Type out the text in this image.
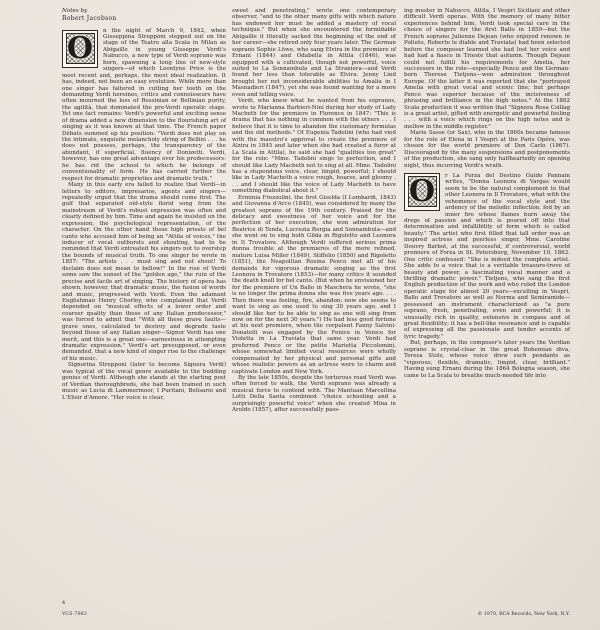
Notes by
Robert Jacobson
O	n the night of March 9, 1842, when Giuseppina Strepponi stepped out on the stage of the Teatro alla Scala in Milan as Abigaille in young Giuseppe Verdi's Nabucco, a new type of Verdi soprano was born, spawning a long line of new-style singers—of which Leontyne Price is the most recent and, perhaps, the most ideal realization. It has, indeed, not been an easy evolution. While more than one singer has faltered in cutting her teeth on the demanding Verdi heroines, critics and connoisseurs have often mourned the loss of Rossinian or Bellinian purity, the agilità, that dominated the pre-Verdi operatic stage. Yet one fact remains: Verdi's powerful and exciting sense of drama added a new dimension to the flourishing art of singing as it was known at that time. The French paper Débats summed up his position: "Verdi does not play on the intimate, exquisite melancholy string of Bellini . . . he does not possess, perhaps, the transparency of the abundant, if superficial, fluency of Donizetti. Verdi, however, has one great advantage over his predecessors: he has rid the school to which he belongs of conventionality of form. He has carried further the respect for dramatic proprieties and dramatic truth."

Many in this early era failed to realize that Verdi—in letters to editors, impresarios, agents and singers—repeatedly urged that the drama should come first. The gulf that separated old-style florid song from the mainstream of Verdi's robust expression was often and clearly defined by him. Time and again he insisted on the expression, the psychological representation, of the character. On the other hand those high priests of bel canto who accused him of being an "Attila of voices," the inducer of vocal outbursts and shouting, had to be reminded that Verdi entreated his singers not to overstep the bounds of musical truth. To one singer he wrote in 1857: "The artists . . . must sing and not shout! To declaim does not mean to bellow!" In the rise of Verdi some saw the sunset of the "golden age," the ruin of the precise and facile art of singing. The history of opera has shown, however, that dramatic music, the fusion of words and music, progressed with Verdi. Even the adamant Englishman Henry Chorley, who complained that Verdi depended on "musical effects of a lower order and coarser quality than those of any Italian predecessor," was forced to admit that "With all these grave faults—grave ones, calculated to destroy and degrade taste beyond those of any Italian singer—Signor Verdi has one merit, and this is a great one—earnestness in attempting dramatic expression." Verdi's art presupposed, or even demanded, that a new kind of singer rise to the challenge of his music.

Signorina Strepponi (later to become Signora Verdi) was typical of the vocal genre available to the budding genius of Verdi. Although she stands at the starting post of Verdian thoroughbreds, she had been trained in such music as Lucia di Lammermoor, I Puritani, Belisario and L'Elisir d'Amore. "Her voice is clear,

sweet and penetrating," wrote one contemporary observer, "and to the other many gifts with which nature has endowed her must be added a mastery of vocal technique." But when she encountered the formidable Abigaille it literally sacked the beginning of the end of her career—she retired only four years later. The German soprano Sophie Löwe, who sang Elvira in the premiere of Ernani (1844) and Odabella in Attila (1846), was equipped with a cultivated, though not powerful, voice suited to La Sonnambula and La Straniera—and Verdi found her less than tolerable as Elvira. Jenny Lind brought her not inconsiderable abilities to Amalia in I Masnadieri (1847), yet she was found wanting for a more even and telling voice.

Verdi, who knew what he wanted from his sopranos, wrote to Marianna Barbieri-Nini during her study of Lady Macbeth for the premiere in Florence in 1847: "This is drama that has nothing in common with the others . . . I believe that it is time to abandon the customary formulas and the old methods." Of Eugenia Tadolini (who had vied with the maestro's approval to create the premiere of Alzira in 1845 and later when she had created a furor at La Scala in Attila), he said she had "qualities too great" for the role: "Mme. Tadolini sings to perfection, and I should like Lady Macbeth not to sing at all. Mme. Tadolini has a stupendous voice, clear, limpid, powerful; I should like in Lady Macbeth a voice rough, hoarse, and gloomy . . . and I should like the voice of Lady Macbeth to have something diabolical about it."

Erminia Frezzolini, the first Giselda (I Lombardi, 1843) and Giovanna d'Arco (1845), was considered by many the greatest soprano of the 19th century. Praised for the delicacy and sweetness of her voice and for the perfection of her execution, she won admiration for Beatrice di Tenda, Lucrezia Borgia and Sonnambula—and she went on to sing both Gilda in Rigoletto and Leonora in Il Trovatore. Although Verdi suffered serious prima donna trouble at the premieres of the more refined, mature Luisa Miller (1849), Stiffelio (1850) and Rigoletto (1851), the Neapolitan Rosina Penco met all of his demands for vigorous dramatic singing as the first Leonora in Trovatore (1853)—for many critics it sounded the death knell for bel canto. (But when he envisioned her for the premiere of Un Ballo in Maschera he wrote, "she is no longer the prima donna she was five years ago. . . . Then there was feeling, fire, abandon; now she seems to want to sing as one used to sing 30 years ago, and I should like her to be able to sing as one will sing from now on for the next 30 years.") He had less good fortune at his next premiere, when the corpulent Fanny Salvini-Donatelli was engaged by the Fenice in Venice for Violetta in La Traviata that same year. Verdi had preferred Penco or the petite Marietta Piccolomini, whose somewhat limited vocal resources were wholly compensated by her physical and personal gifts and whose realistic powers as an actress were to charm and captivate London and New York.

By the late 1850s, despite the torturous road Verdi was often forced to walk, the Verdi soprano was already a musical force to contend with. The Mantuan Marcellina Lotti Della Santa combined "choice schooling and a surprisingly powerful voice" when she created Mina in Aroldo (1857), after successfully pass-

ing muster in Nabucco, Attila, I Vespri Siciliani and other difficult Verdi operas. With the memory of many bitter experiences behind him, Verdi took special care in the choice of singers for the first Ballo in 1859—but the French soprano Julienne Dejean (who enjoyed renown in Poliuto, Roberto le diable and Traviata) had been selected before the composer learned she had lost her voice and had had a fiasco in Trieste that autumn. Though Dejean could not fulfill his requirements for Amelia, her successors in the role—especially Penco and the German-born Therese Tietjens—won admiration throughout Europe. Of the latter it was reported that she "portrayed Amelia with great vocal and scenic line; but perhaps Penco was superior because of the incisiveness of phrasing and brilliance in the high notes." At the 1862 Scala production it was written that "Signora Rosa Csillag is a great artist, gifted with energetic and powerful feeling . . . with a voice which rings on the high notes and is mellow in the middle register."

Marie Sasse (or Sax), who in the 1860s became famous for the role of Elena in I Vespri at the Paris Opéra, was chosen for the world premiere of Don Carlo (1867). Discouraged by the many suspensions and postponements of the production, she sang only halfheartedly on opening night, thus incurring Verdi's wrath.

O	r La Forza del Destino Guido Pannain writes, "Donna Leonora di Vargas would seem to be the natural complement to that other Leonora in Il Trovatore, what with the vehemence of the vocal style and the ardency of the melodic inflection, fed by an inner fire whose flames burn away the dregs of passion and which is poured off into that determination and infallibility of form which is called beauty." The artist who first filled that tall order was an inspired actress and peerless singer, Mme. Caroline Douvry Barbot, at the successful, if controversial, world premiere of Forza in St. Petersburg, November 10, 1862. One critic confessed: "She is indeed the complete artist. She adds to a voice that is a veritable treasure-trove of beauty and power, a fascinating vocal manner and a thrilling dramatic power." Tietjens, who sang the first English production of the work and who ruled the London operatic stage for almost 20 years—excelling in Vespri, Ballo and Trovatore as well as Norma and Semiramide—possessed an instrument characterized as "a pure soprano, fresh, penetrating, even and powerful; it is unusually rich in quality, extensive in compass and of great flexibility; it has a bell-like resonance and is capable of expressing all the passionate and tender accents of lyric tragedy."

But, perhaps, in the composer's later years the Verdian soprano is crystal-clear in the great Bohemian diva, Teresa Stolz, whose voice drew such pendants as "vigorous, flexible, dramatic, limpid, clear, brilliant." Having sung Ernani during the 1864 Bologna season, she came to La Scala to breathe much-needed life into

4
VCS-7063	© 1970, RCA Records, New York, N.Y.
